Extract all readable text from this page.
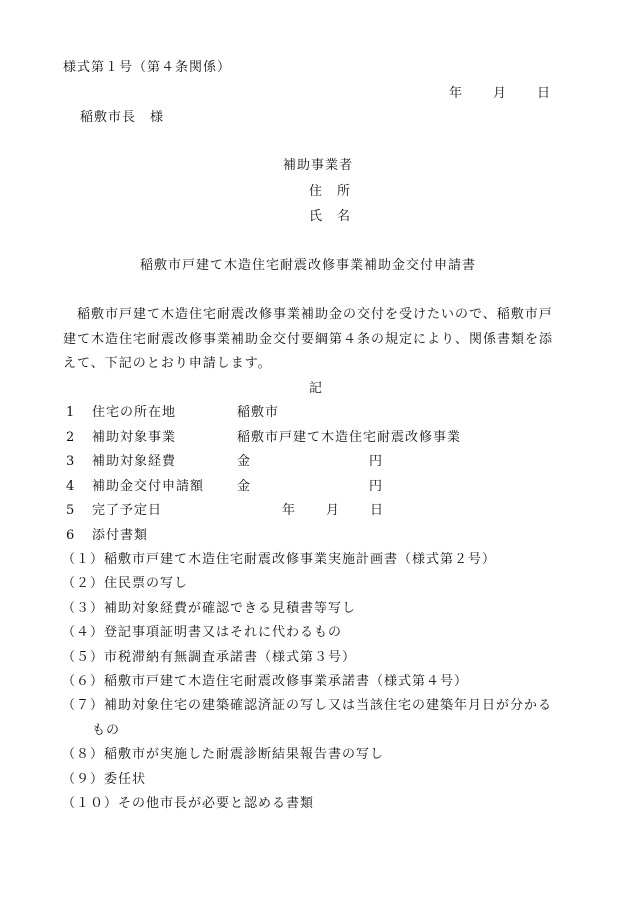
様式第１号（第４条関係）
年 月 日
稲敷市長　様
補助事業者
住　所
氏　名
稲敷市戸建て木造住宅耐震改修事業補助金交付申請書
　稲敷市戸建て木造住宅耐震改修事業補助金の交付を受けたいので、稲敷市戸
建て木造住宅耐震改修事業補助金交付要綱第４条の規定により、関係書類を添
えて、下記のとおり申請します。
記
1 住宅の所在地	稲敷市
2 補助対象事業	稲敷市戸建て木造住宅耐震改修事業
3 補助対象経費	金	円
4 補助金交付申請額	金	円
5 完了予定日	年 月 日
6 添付書類
（１）稲敷市戸建て木造住宅耐震改修事業実施計画書（様式第２号）
（２）住民票の写し
（３）補助対象経費が確認できる見積書等写し
（４）登記事項証明書又はそれに代わるもの
（５）市税滞納有無調査承諾書（様式第３号）
（６）稲敷市戸建て木造住宅耐震改修事業承諾書（様式第４号）
（７）補助対象住宅の建築確認済証の写し又は当該住宅の建築年月日が分かる
もの
（８）稲敷市が実施した耐震診断結果報告書の写し
（９）委任状
（１０）その他市長が必要と認める書類
